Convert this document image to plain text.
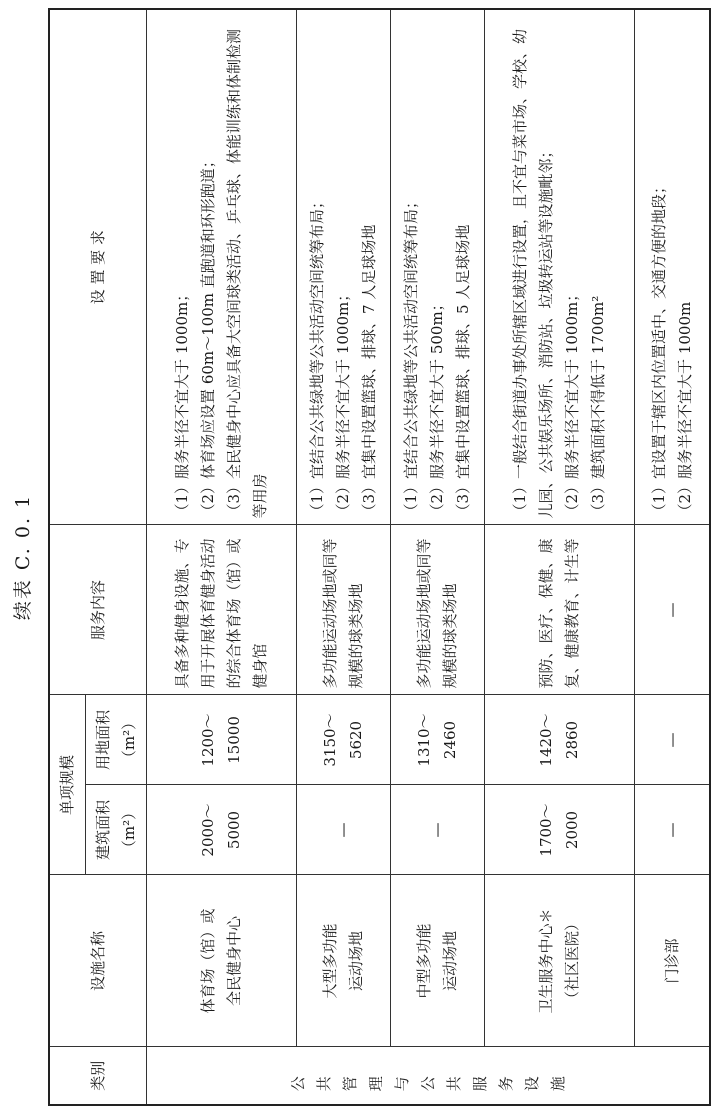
续表 C. 0. 1
类别	设施名称	单项规模		服务内容	设 置 要 求

		建筑面积 （m²）	用地面积 （m²）		

公共管理与公共服务设施	体育场（馆）或 全民健身中心	2000～5000	1200～15000	具备多种健身设施、专用于开展体育健身活动的综合体育场（馆）或健身馆	（1）服务半径不宜大于 1000m； （2）体育场应设置 60m～100m 直跑道和环形跑道； （3）全民健身中心应具备大空间球类活动、乒乓球、体能训练和体制检测等用房

	大型多功能 运动场地	—	3150～5620	多功能运动场地或同等规模的球类场地	（1）宜结合公共绿地等公共活动空间统筹布局； （2）服务半径不宜大于 1000m； （3）宜集中设置篮球、排球、7 人足球场地

	中型多功能 运动场地	—	1310～2460	多功能运动场地或同等规模的球类场地	（1）宜结合公共绿地等公共活动空间统筹布局； （2）服务半径不宜大于 500m； （3）宜集中设置篮球、排球、5 人足球场地

	卫生服务中心＊ （社区医院）	1700～2000	1420～2860	预防、医疗、保健、康复、健康教育、计生等	（1）一般结合街道办事处所辖区域进行设置，且不宜与菜市场、学校、幼儿园、公共娱乐场所、消防站、垃圾转运站等设施毗邻； （2）服务半径不宜大于 1000m； （3）建筑面积不得低于 1700m²

	门诊部	—	—	—	（1）宜设置于辖区内位置适中、交通方便的地段； （2）服务半径不宜大于 1000m
